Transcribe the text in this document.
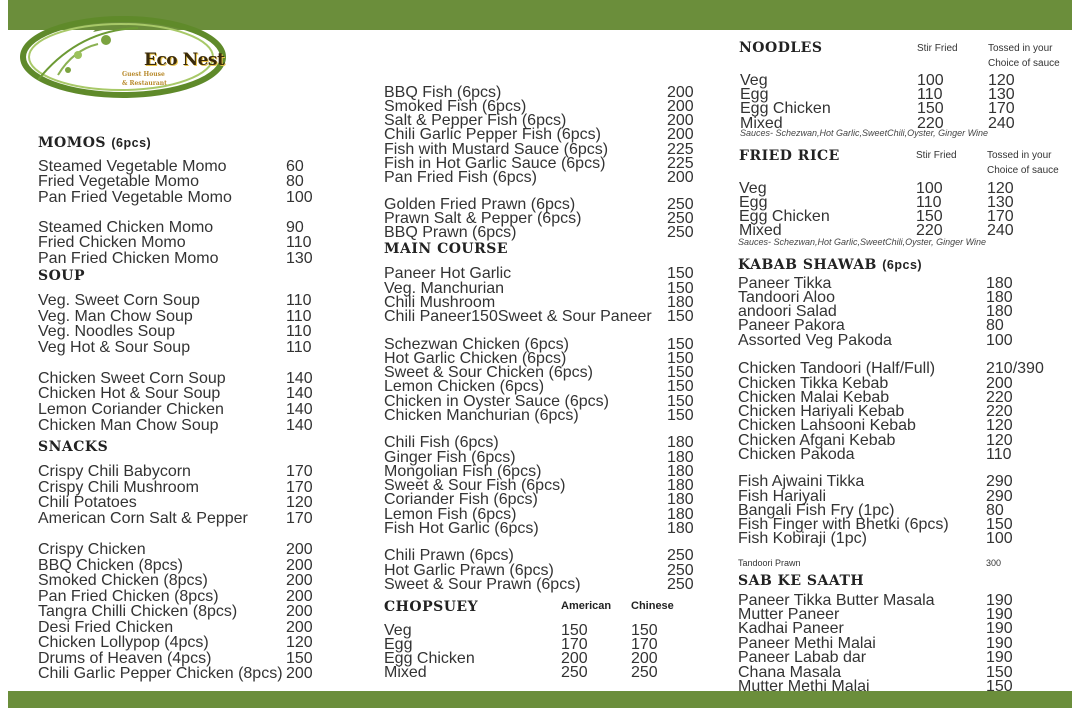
Eco Nest
Guest House
& Restaurant
MOMOS (6pcs)
SOUP
SNACKS
MAIN COURSE
CHOPSUEY	American Chinese
NOODLES	Stir Fried	Tossed in your
Choice of sauce
Sauces- Schezwan,Hot Garlic,SweetChili,Oyster, Ginger Wine
FRIED RICE	Stir Fried	Tossed in your
Choice of sauce
Sauces- Schezwan,Hot Garlic,SweetChili,Oyster, Ginger Wine
KABAB SHAWAB (6pcs)
SAB KE SAATH
Steamed Vegetable Momo	60
Fried Vegetable Momo	80
Pan Fried Vegetable Momo	100
Steamed Chicken Momo	90
Fried Chicken Momo	110
Pan Fried Chicken Momo	130
Veg. Sweet Corn Soup	110
Veg. Man Chow Soup	110
Veg. Noodles Soup	110
Veg Hot & Sour Soup	110
Chicken Sweet Corn Soup	140
Chicken Hot & Sour Soup	140
Lemon Coriander Chicken	140
Chicken Man Chow Soup	140
Crispy Chili Babycorn	170
Crispy Chili Mushroom	170
Chili Potatoes	120
American Corn Salt & Pepper 170
Crispy Chicken	200
BBQ Chicken (8pcs)	200
Smoked Chicken (8pcs)	200
Pan Fried Chicken (8pcs)	200
Tangra Chilli Chicken (8pcs)	200
Desi Fried Chicken	200
Chicken Lollypop (4pcs)	120
Drums of Heaven (4pcs)	150
Chili Garlic Pepper Chicken (8pcs) 200
BBQ Fish (6pcs)	200
Smoked Fish (6pcs)	200
Salt & Pepper Fish (6pcs)	200
Chili Garlic Pepper Fish (6pcs)	200
Fish with Mustard Sauce (6pcs)	225
Fish in Hot Garlic Sauce (6pcs)	225
Pan Fried Fish (6pcs)	200
Golden Fried Prawn (6pcs)	250
Prawn Salt & Pepper (6pcs)	250
BBQ Prawn (6pcs)	250
Paneer Hot Garlic	150
Veg. Manchurian	150
Chili Mushroom	180
Chili Paneer150Sweet & Sour Paneer 150
Schezwan Chicken (6pcs)	150
Hot Garlic Chicken (6pcs)	150
Sweet & Sour Chicken (6pcs)	150
Lemon Chicken (6pcs)	150
Chicken in Oyster Sauce (6pcs)	150
Chicken Manchurian (6pcs)	150
Chili Fish (6pcs)	180
Ginger Fish (6pcs)	180
Mongolian Fish (6pcs)	180
Sweet & Sour Fish (6pcs)	180
Coriander Fish (6pcs)	180
Lemon Fish (6pcs)	180
Fish Hot Garlic (6pcs)	180
Chili Prawn (6pcs)	250
Hot Garlic Prawn (6pcs)	250
Sweet & Sour Prawn (6pcs)	250
Paneer Tikka	180
Tandoori Aloo	180
andoori Salad	180
Paneer Pakora	80
Assorted Veg Pakoda	100
Chicken Tandoori (Half/Full)	210/390
Chicken Tikka Kebab	200
Chicken Malai Kebab	220
Chicken Hariyali Kebab	220
Chicken Lahsooni Kebab	120
Chicken Afgani Kebab	120
Chicken Pakoda	110
Fish Ajwaini Tikka	290
Fish Hariyali	290
Bangali Fish Fry (1pc)	80
Fish Finger with Bhetki (6pcs) 150
Fish Kobiraji (1pc)	100
Tandoori Prawn	300
Paneer Tikka Butter Masala	190
Mutter Paneer	190
Kadhai Paneer	190
Paneer Methi Malai	190
Paneer Labab dar	190
Chana Masala	150
Mutter Methi Malai	150
Veg	150	150
Egg	170	170
Egg Chicken	200	200
Mixed	250	250
Veg	100	120
Egg	110	130
Egg Chicken	150	170
Mixed	220	240
Veg	100	120
Egg	110	130
Egg Chicken	150	170
Mixed	220	240
